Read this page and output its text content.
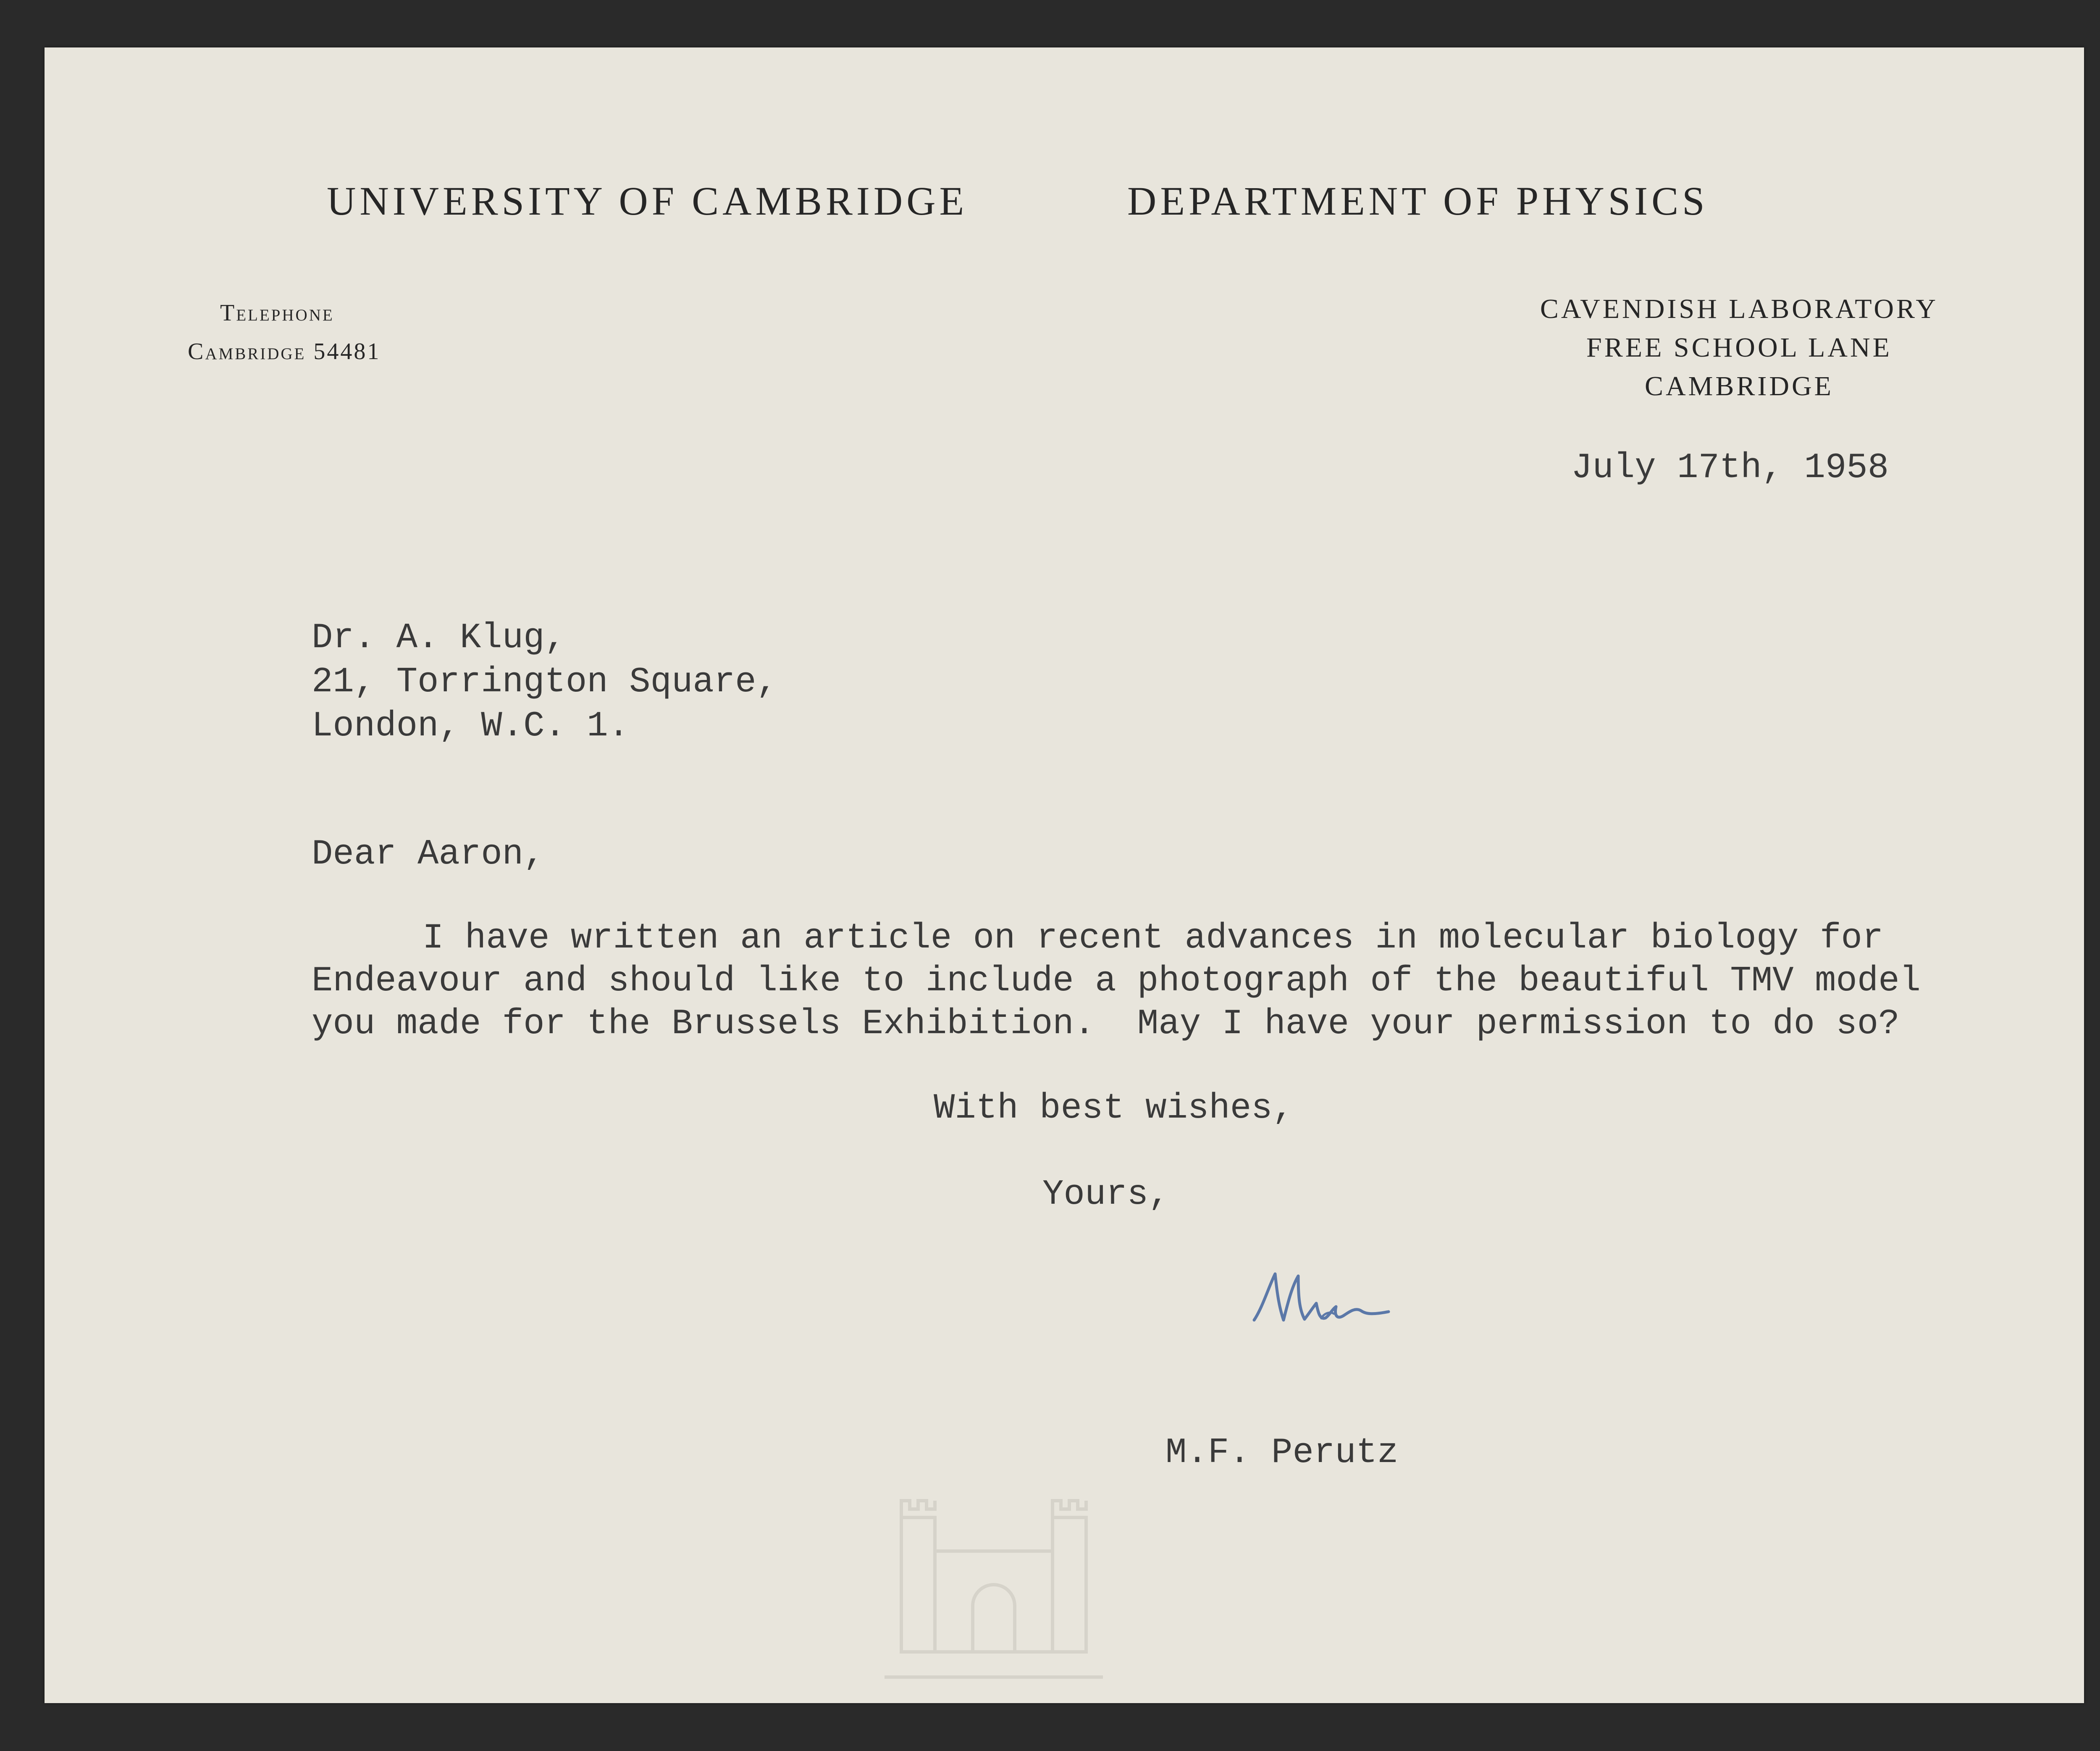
UNIVERSITY OF CAMBRIDGE	DEPARTMENT OF PHYSICS
Telephone
Cambridge 54481
CAVENDISH LABORATORY
FREE SCHOOL LANE
CAMBRIDGE
July 17th, 1958
Dr. A. Klug,
21, Torrington Square,
London, W.C. 1.
Dear Aaron,
I have written an article on recent advances in molecular biology for
Endeavour and should like to include a photograph of the beautiful TMV model
you made for the Brussels Exhibition.  May I have your permission to do so?
With best wishes,
Yours,
M.F. Perutz
